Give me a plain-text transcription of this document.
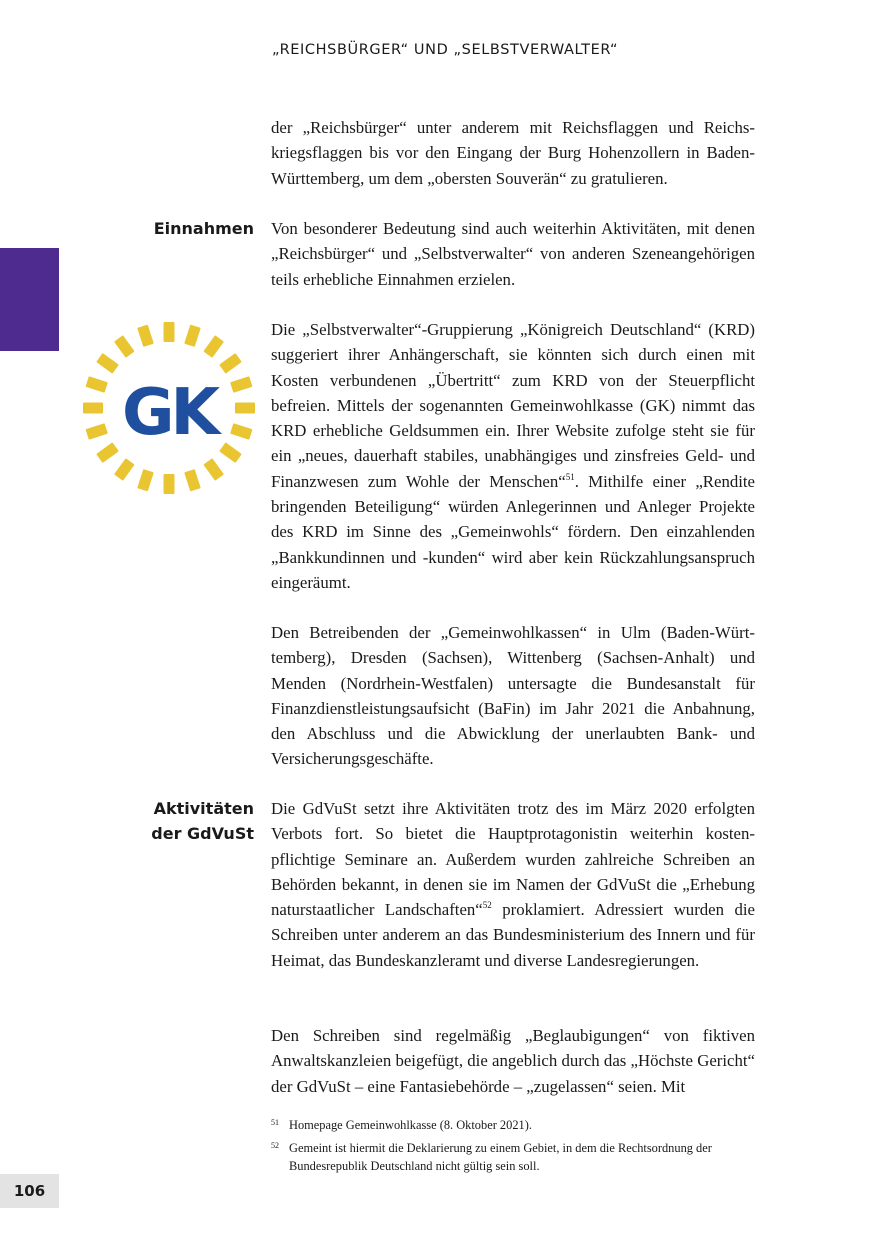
„REICHSBÜRGER“ UND „SELBSTVERWALTER“
GK
der „Reichsbürger“ unter anderem mit Reichsflaggen und Reichskriegsflaggen bis vor den Eingang der Burg Hohenzollern in Baden-Württemberg, um dem „obersten Souverän“ zu gratulieren.
Einnahmen Von besonderer Bedeutung sind auch weiterhin Aktivitäten, mit denen „Reichsbürger“ und „Selbstverwalter“ von anderen Szeneangehörigen teils erhebliche Einnahmen erzielen.
Die „Selbstverwalter“-Gruppierung „Königreich Deutschland“ (KRD) suggeriert ihrer Anhängerschaft, sie könnten sich durch einen mit Kosten verbundenen „Übertritt“ zum KRD von der Steuerpflicht befreien. Mittels der sogenannten Gemeinwohlkasse (GK) nimmt das KRD erhebliche Geldsummen ein. Ihrer Website zufolge steht sie für ein „neues, dauerhaft stabiles, unabhängiges und zinsfreies Geld- und Finanzwesen zum Wohle der Menschen“$^{51}$. Mithilfe einer „Rendite bringenden Beteiligung“ würden Anlegerinnen und Anleger Projekte des KRD im Sinne des „Gemeinwohls“ fördern. Den einzahlenden „Bankkundinnen und -kunden“ wird aber kein Rückzahlungsanspruch eingeräumt.
Den Betreibenden der „Gemeinwohlkassen“ in Ulm (Baden-Württemberg), Dresden (Sachsen), Wittenberg (Sachsen-Anhalt) und Menden (Nordrhein-Westfalen) untersagte die Bundesanstalt für Finanzdienstleistungsaufsicht (BaFin) im Jahr 2021 die Anbahnung, den Abschluss und die Abwicklung der unerlaubten Bank- und Versicherungsgeschäfte.
Aktivitäten
der GdVuSt
Die GdVuSt setzt ihre Aktivitäten trotz des im März 2020 erfolgten Verbots fort. So bietet die Hauptprotagonistin weiterhin kostenpflichtige Seminare an. Außerdem wurden zahlreiche Schreiben an Behörden bekannt, in denen sie im Namen der GdVuSt die „Erhebung naturstaatlicher Landschaften“$^{52}$ proklamiert. Adressiert wurden die Schreiben unter anderem an das Bundesministerium des Innern und für Heimat, das Bundeskanzleramt und diverse Landesregierungen.
Den Schreiben sind regelmäßig „Beglaubigungen“ von fiktiven Anwaltskanzleien beigefügt, die angeblich durch das „Höchste Gericht“ der GdVuSt – eine Fantasiebehörde – „zugelassen“ seien. Mit
51 Homepage Gemeinwohlkasse (8. Oktober 2021).
52 Gemeint ist hiermit die Deklarierung zu einem Gebiet, in dem die Rechtsordnung der Bundesrepublik Deutschland nicht gültig sein soll.
106
